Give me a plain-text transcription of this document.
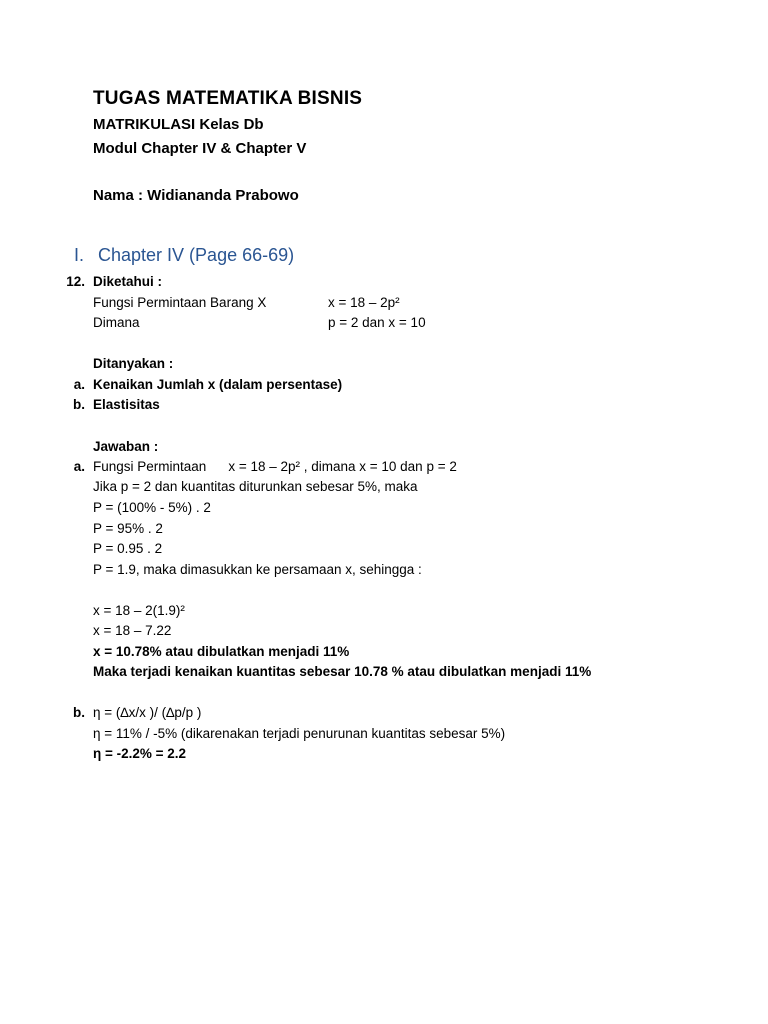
TUGAS MATEMATIKA BISNIS
MATRIKULASI Kelas Db
Modul Chapter IV & Chapter V
Nama : Widiananda Prabowo
I. Chapter IV (Page 66-69)
12. Diketahui :
Fungsi Permintaan Barang X	x = 18 – 2p²
Dimana	p = 2 dan x = 10
Ditanyakan :
a. Kenaikan Jumlah x (dalam persentase)
b. Elastisitas
Jawaban :
a. Fungsi Permintaan x = 18 – 2p² , dimana x = 10 dan p = 2
Jika p = 2 dan kuantitas diturunkan sebesar 5%, maka
P = (100% - 5%) . 2
P = 95% . 2
P = 0.95 . 2
P = 1.9, maka dimasukkan ke persamaan x, sehingga :
x = 18 – 2(1.9)²
x = 18 – 7.22
x = 10.78% atau dibulatkan menjadi 11%
Maka terjadi kenaikan kuantitas sebesar 10.78 % atau dibulatkan menjadi 11%
b. η = (∆x/x )/ (∆p/p )
η = 11% / -5% (dikarenakan terjadi penurunan kuantitas sebesar 5%)
η = -2.2% = 2.2
